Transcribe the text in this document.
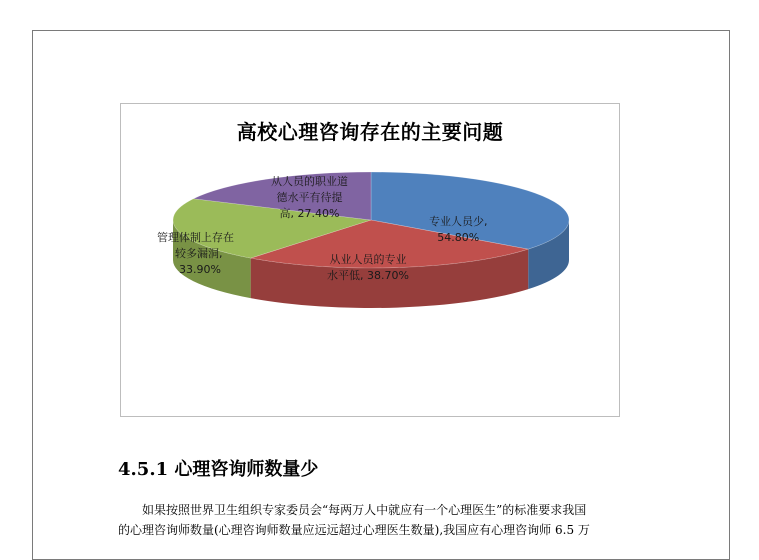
高校心理咨询存在的主要问题
专业人员少,
54.80%
从业人员的专业
水平低, 38.70%
管理体制上存在
较多漏洞,
33.90%
从人员的职业道
德水平有待提
高, 27.40%
4.5.1 心理咨询师数量少

如果按照世界卫生组织专家委员会“每两万人中就应有一个心理医生”的标准要求我国

的心理咨询师数量(心理咨询师数量应远远超过心理医生数量),我国应有心理咨询师 6.5 万
